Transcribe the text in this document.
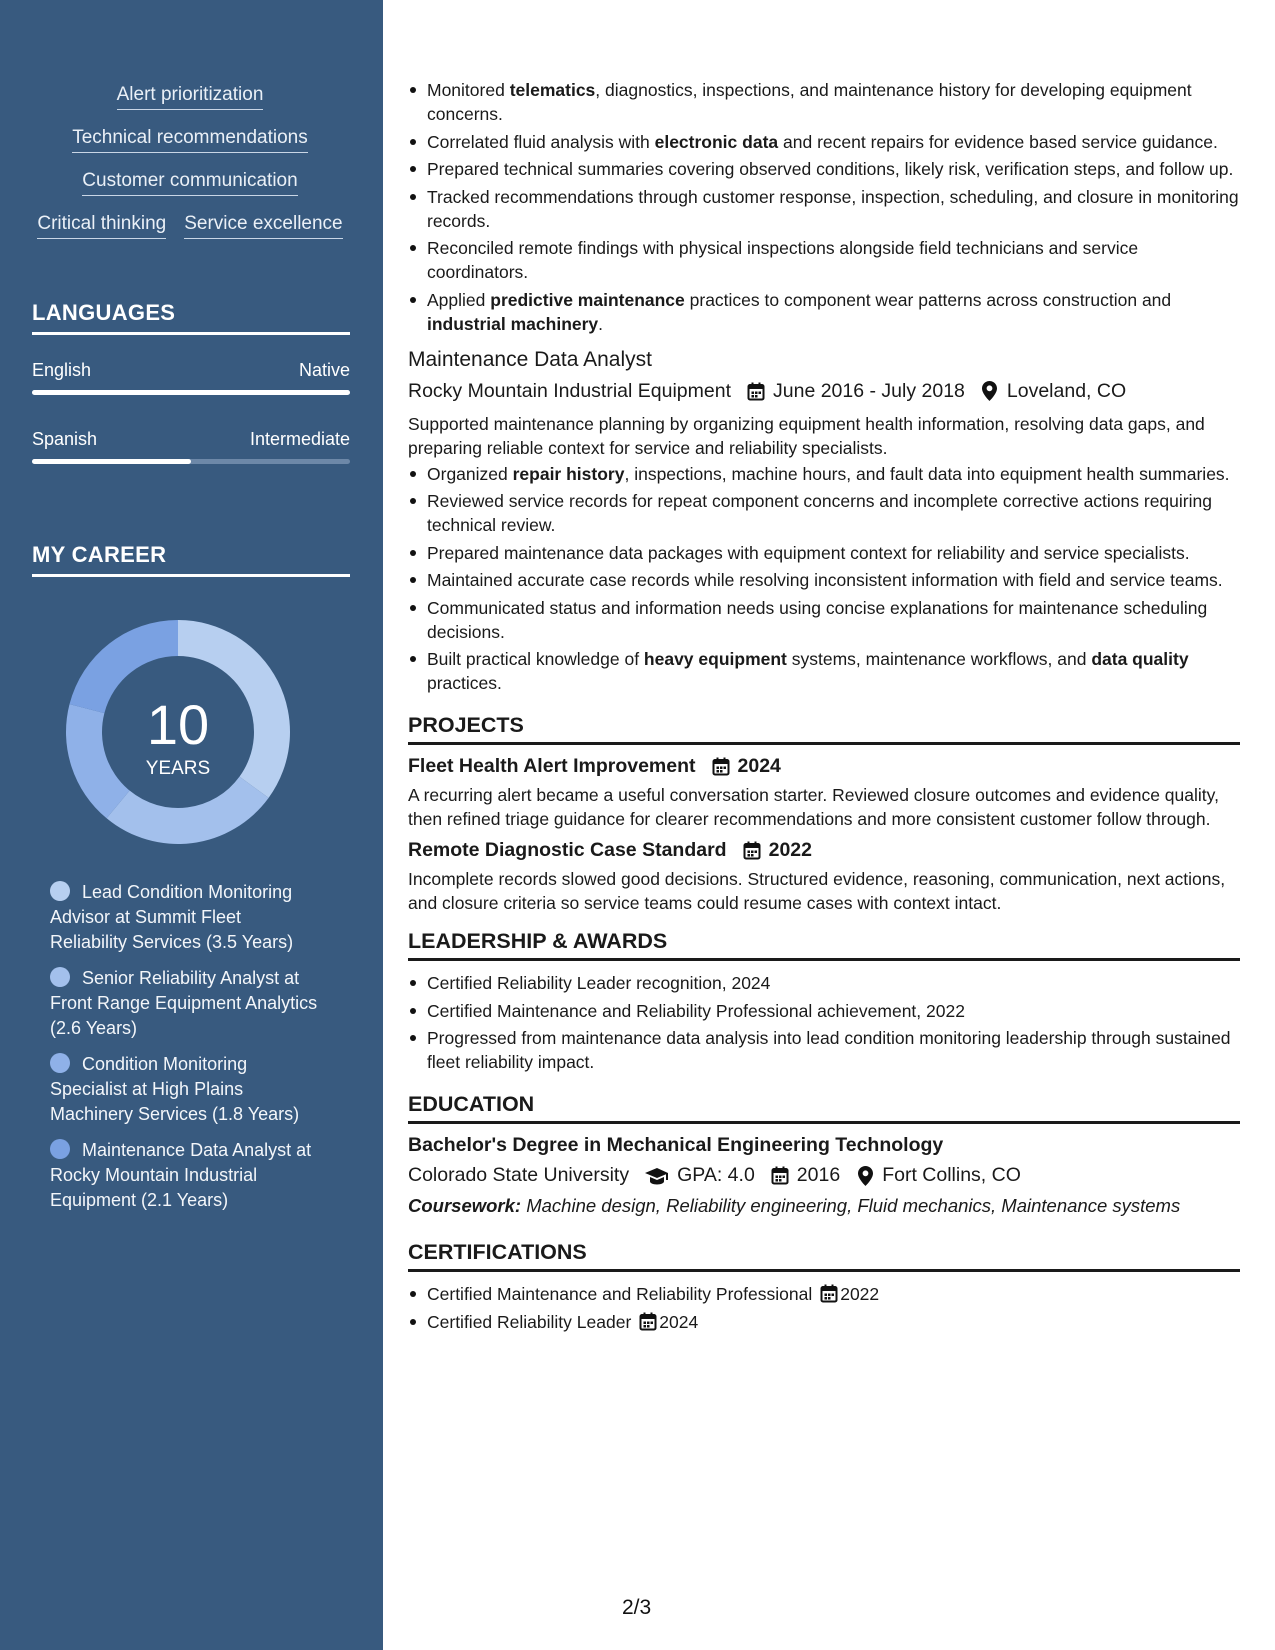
Alert prioritization
Technical recommendations
Customer communication
Critical thinking Service excellence
LANGUAGES
English	Native
Spanish	Intermediate
MY CAREER
10
YEARS
Lead Condition Monitoring Advisor at Summit Fleet Reliability Services (3.5 Years)
Senior Reliability Analyst at Front Range Equipment Analytics (2.6 Years)
Condition Monitoring Specialist at High Plains Machinery Services (1.8 Years)
Maintenance Data Analyst at Rocky Mountain Industrial Equipment (2.1 Years)
Monitored telematics, diagnostics, inspections, and maintenance history for developing equipment concerns.
Correlated fluid analysis with electronic data and recent repairs for evidence based service guidance.
Prepared technical summaries covering observed conditions, likely risk, verification steps, and follow up.
Tracked recommendations through customer response, inspection, scheduling, and closure in monitoring records.
Reconciled remote findings with physical inspections alongside field technicians and service coordinators.
Applied predictive maintenance practices to component wear patterns across construction and industrial machinery.
Maintenance Data Analyst
Rocky Mountain Industrial Equipment June 2016 - July 2018 Loveland, CO
Supported maintenance planning by organizing equipment health information, resolving data gaps, and preparing reliable context for service and reliability specialists.
Organized repair history, inspections, machine hours, and fault data into equipment health summaries.
Reviewed service records for repeat component concerns and incomplete corrective actions requiring technical review.
Prepared maintenance data packages with equipment context for reliability and service specialists.
Maintained accurate case records while resolving inconsistent information with field and service teams.
Communicated status and information needs using concise explanations for maintenance scheduling decisions.
Built practical knowledge of heavy equipment systems, maintenance workflows, and data quality practices.
PROJECTS
Fleet Health Alert Improvement 2024
A recurring alert became a useful conversation starter. Reviewed closure outcomes and evidence quality, then refined triage guidance for clearer recommendations and more consistent customer follow through.
Remote Diagnostic Case Standard 2022
Incomplete records slowed good decisions. Structured evidence, reasoning, communication, next actions, and closure criteria so service teams could resume cases with context intact.
LEADERSHIP & AWARDS
Certified Reliability Leader recognition, 2024
Certified Maintenance and Reliability Professional achievement, 2022
Progressed from maintenance data analysis into lead condition monitoring leadership through sustained fleet reliability impact.
EDUCATION
Bachelor's Degree in Mechanical Engineering Technology
Colorado State University GPA: 4.0 2016 Fort Collins, CO
Coursework: Machine design, Reliability engineering, Fluid mechanics, Maintenance systems
CERTIFICATIONS
Certified Maintenance and Reliability Professional 2022
Certified Reliability Leader 2024
2/3
